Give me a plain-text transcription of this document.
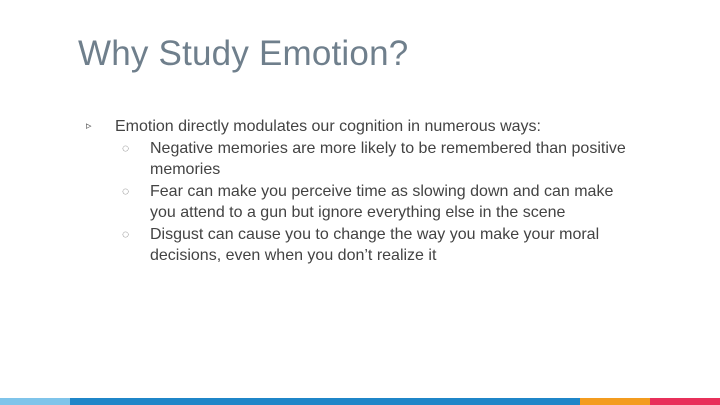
Why Study Emotion?
▹ Emotion directly modulates our cognition in numerous ways:
◌ Negative memories are more likely to be remembered than positive memories
◌ Fear can make you perceive time as slowing down and can make you attend to a gun but ignore everything else in the scene
◌ Disgust can cause you to change the way you make your moral decisions, even when you don’t realize it
